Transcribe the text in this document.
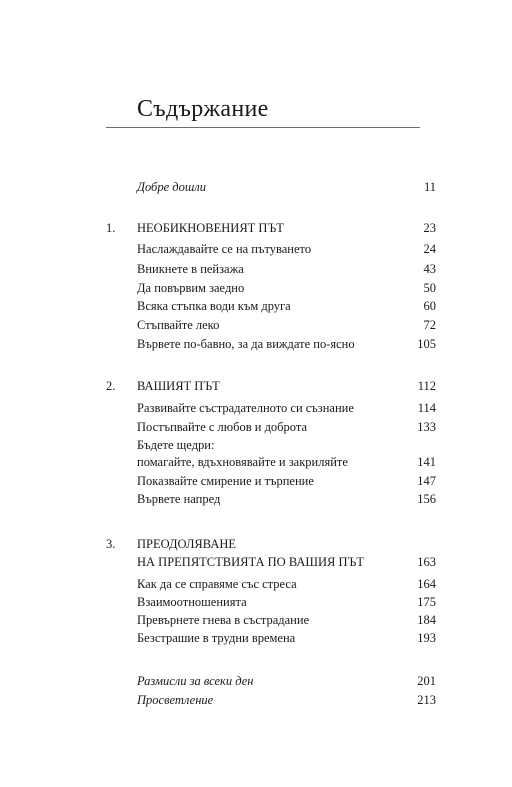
Съдържание
Добре дошли	11
1. НЕОБИКНОВЕНИЯТ ПЪТ	23
Наслаждавайте се на пътуването	24
Вникнете в пейзажа	43
Да повървим заедно	50
Всяка стъпка води към друга	60
Стъпвайте леко	72
Вървете по-бавно, за да виждате по-ясно	105
2. ВАШИЯТ ПЪТ	112
Развивайте състрадателното си съзнание	114
Постъпвайте с любов и доброта	133
Бъдете щедри:
помагайте, вдъхновявайте и закриляйте	141
Показвайте смирение и търпение	147
Вървете напред	156
3. ПРЕОДОЛЯВАНЕ
НА ПРЕПЯТСТВИЯТА ПО ВАШИЯ ПЪТ	163
Как да се справяме със стреса	164
Взаимоотношенията	175
Превърнете гнева в състрадание	184
Безстрашие в трудни времена	193
Размисли за всеки ден	201
Просветление	213
